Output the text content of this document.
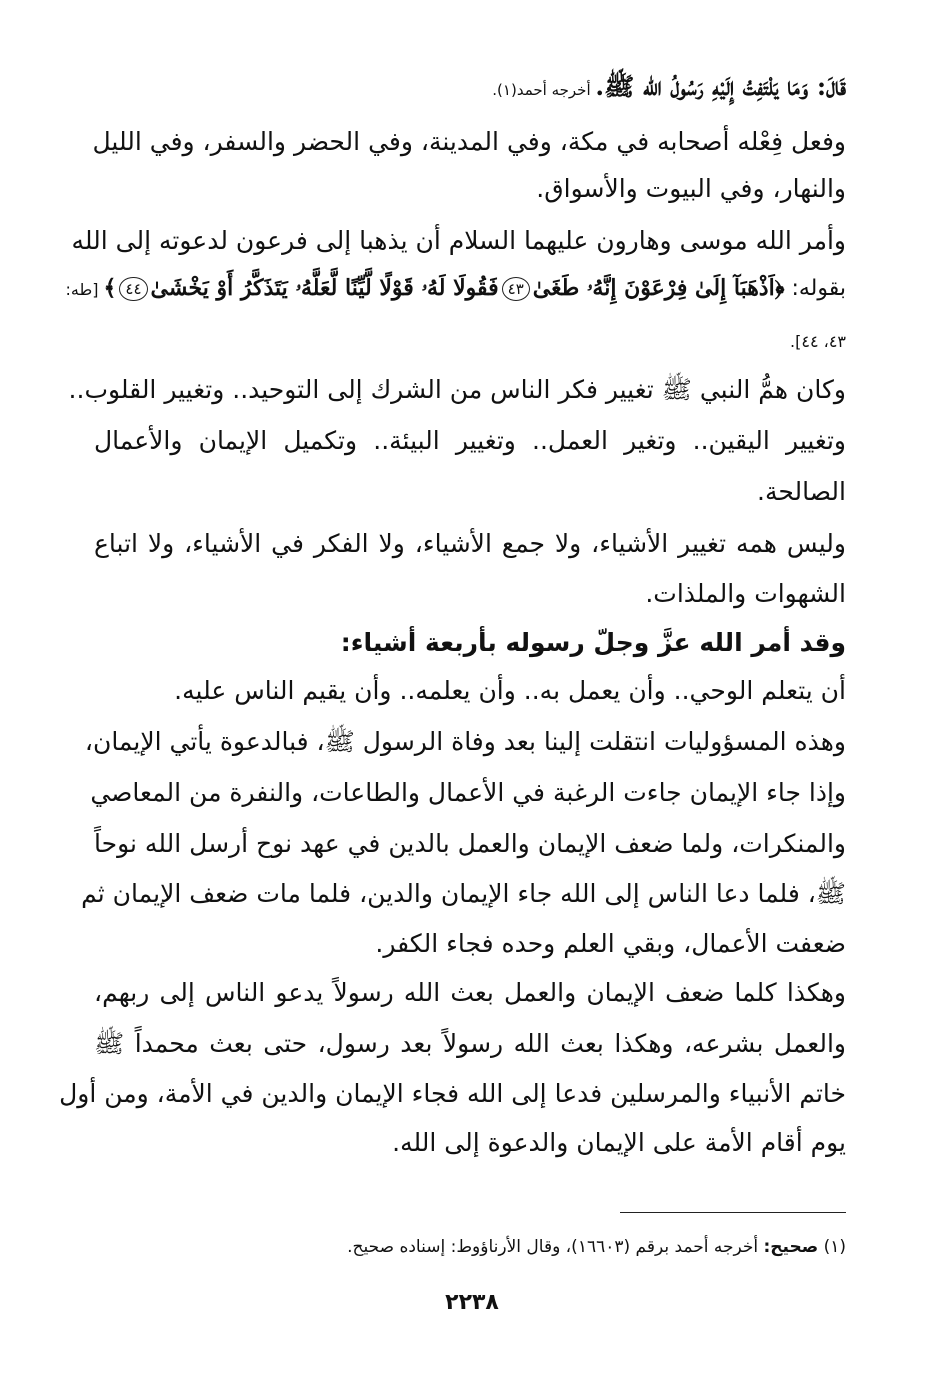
قَالَ: وَمَا يَلْتَفِتُ إِلَيْهِ رَسُولُ الله ﷺ. أخرجه أحمد(١).
وفعل فِعْله أصحابه في مكة، وفي المدينة، وفي الحضر والسفر، وفي الليل
والنهار، وفي البيوت والأسواق.
وأمر الله موسى وهارون عليهما السلام أن يذهبا إلى فرعون لدعوته إلى الله
بقوله: ﴿اَذْهَبَآ إِلَىٰ فِرْعَوْنَ إِنَّهُۥ طَغَىٰ٤٣فَقُولَا لَهُۥ قَوْلًا لَّيِّنًا لَّعَلَّهُۥ يَتَذَكَّرُ أَوْ يَخْشَىٰ٤٤﴾ [طه:
٤٣، ٤٤].
وكان همُّ النبي ﷺ تغيير فكر الناس من الشرك إلى التوحيد.. وتغيير القلوب..
وتغيير اليقين.. وتغير العمل.. وتغيير البيئة.. وتكميل الإيمان والأعمال
الصالحة.
وليس همه تغيير الأشياء، ولا جمع الأشياء، ولا الفكر في الأشياء، ولا اتباع
الشهوات والملذات.
وقد أمر الله عزَّ وجلّ رسوله بأربعة أشياء:
أن يتعلم الوحي.. وأن يعمل به.. وأن يعلمه.. وأن يقيم الناس عليه.
وهذه المسؤوليات انتقلت إلينا بعد وفاة الرسول ﷺ، فبالدعوة يأتي الإيمان،
وإذا جاء الإيمان جاءت الرغبة في الأعمال والطاعات، والنفرة من المعاصي
والمنكرات، ولما ضعف الإيمان والعمل بالدين في عهد نوح أرسل الله نوحاً
ﷺ، فلما دعا الناس إلى الله جاء الإيمان والدين، فلما مات ضعف الإيمان ثم
ضعفت الأعمال، وبقي العلم وحده فجاء الكفر.
وهكذا كلما ضعف الإيمان والعمل بعث الله رسولاً يدعو الناس إلى ربهم،
والعمل بشرعه، وهكذا بعث الله رسولاً بعد رسول، حتى بعث محمداً ﷺ
خاتم الأنبياء والمرسلين فدعا إلى الله فجاء الإيمان والدين في الأمة، ومن أول
يوم أقام الأمة على الإيمان والدعوة إلى الله.
(١) صحيح: أخرجه أحمد برقم (١٦٦٠٣)، وقال الأرناؤوط: إسناده صحيح.
٢٢٣٨
